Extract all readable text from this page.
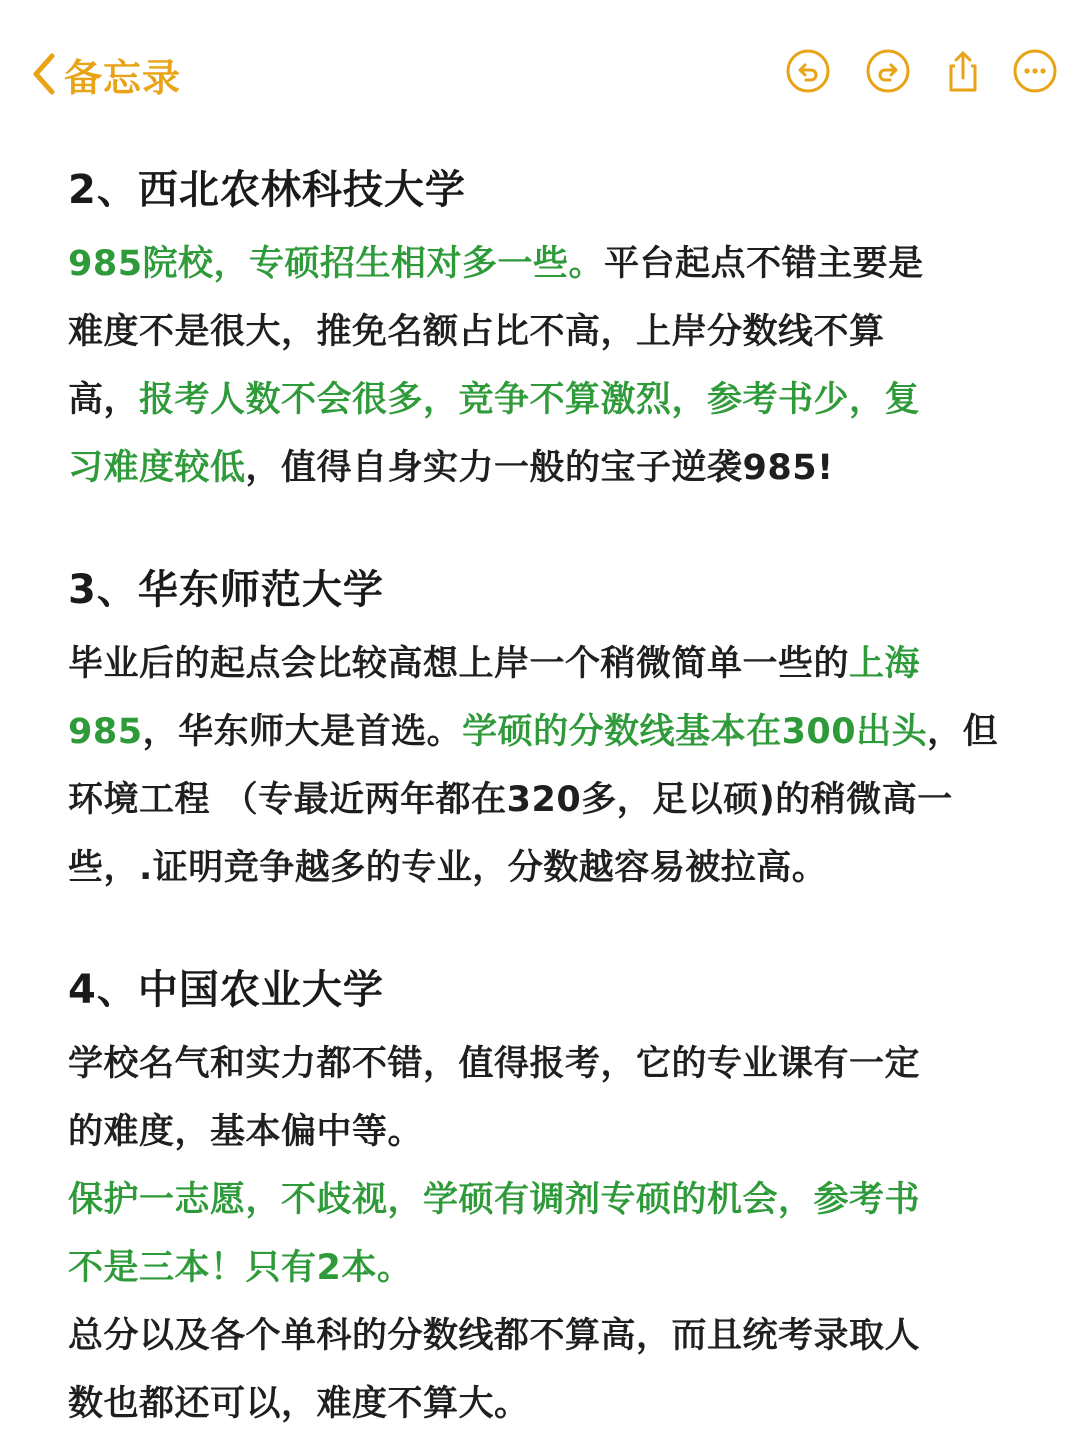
备忘录
2、西北农林科技大学
985院校，专硕招生相对多一些。平台起点不错主要是
难度不是很大，推免名额占比不高，上岸分数线不算
高，报考人数不会很多，竞争不算激烈，参考书少，复
习难度较低，值得自身实力一般的宝子逆袭985!
3、华东师范大学
毕业后的起点会比较高想上岸一个稍微简单一些的上海
985，华东师大是首选。学硕的分数线基本在300出头，但
环境工程 （专最近两年都在320多，足以硕)的稍微高一
些，.证明竞争越多的专业，分数越容易被拉高。
4、中国农业大学
学校名气和实力都不错，值得报考，它的专业课有一定
的难度，基本偏中等。
保护一志愿，不歧视，学硕有调剂专硕的机会，参考书
不是三本！只有2本。
总分以及各个单科的分数线都不算高，而且统考录取人
数也都还可以，难度不算大。
